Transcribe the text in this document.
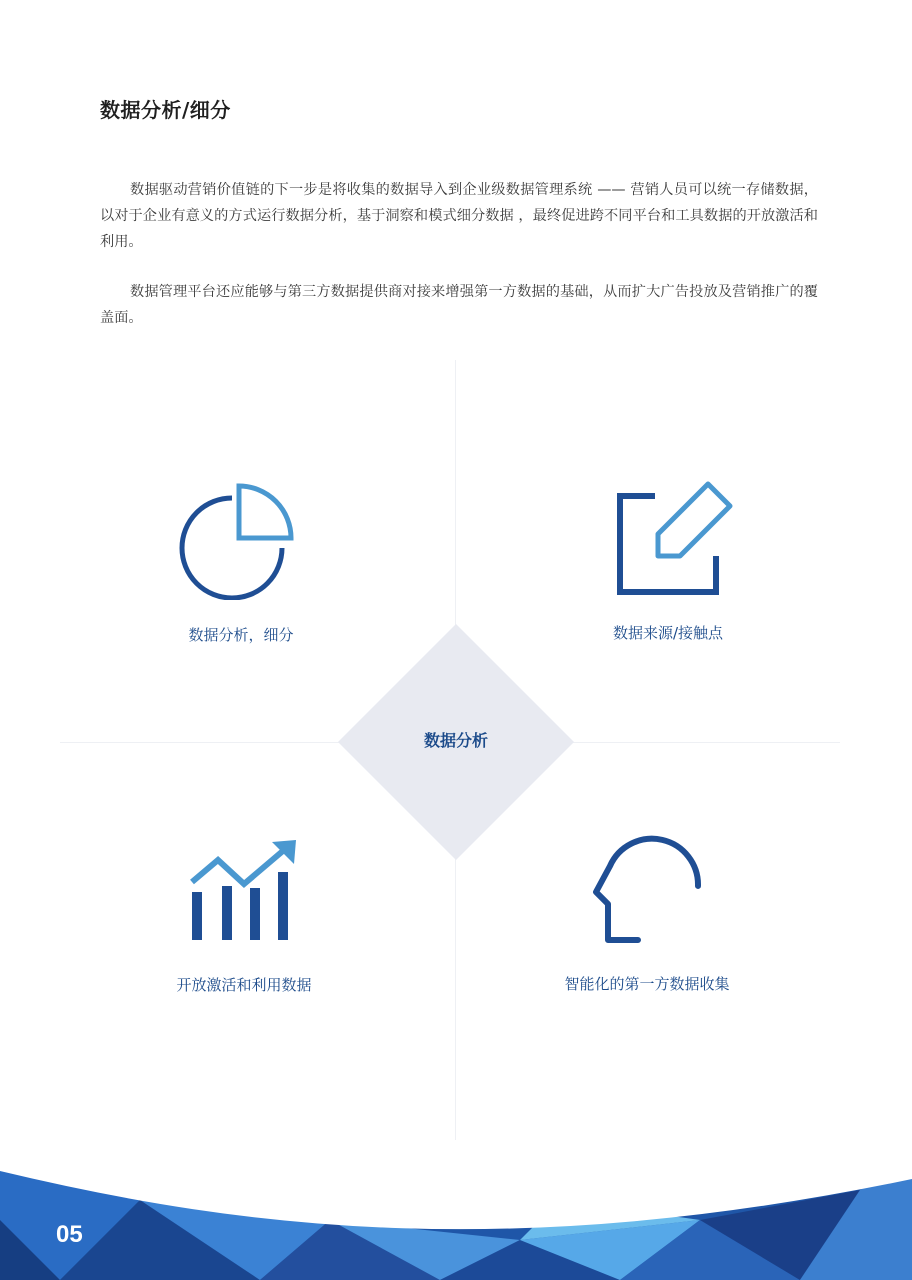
数据分析/细分

数据驱动营销价值链的下一步是将收集的数据导入到企业级数据管理系统 —— 营销人员可以统一存储数据，以对于企业有意义的方式运行数据分析，基于洞察和模式细分数据 ，最终促进跨不同平台和工具数据的开放激活和利用。

数据管理平台还应能够与第三方数据提供商对接来增强第一方数据的基础，从而扩大广告投放及营销推广的覆盖面。

数据分析，细分	数据来源/接触点
数据分析
开放激活和利用数据	智能化的第一方数据收集
05
